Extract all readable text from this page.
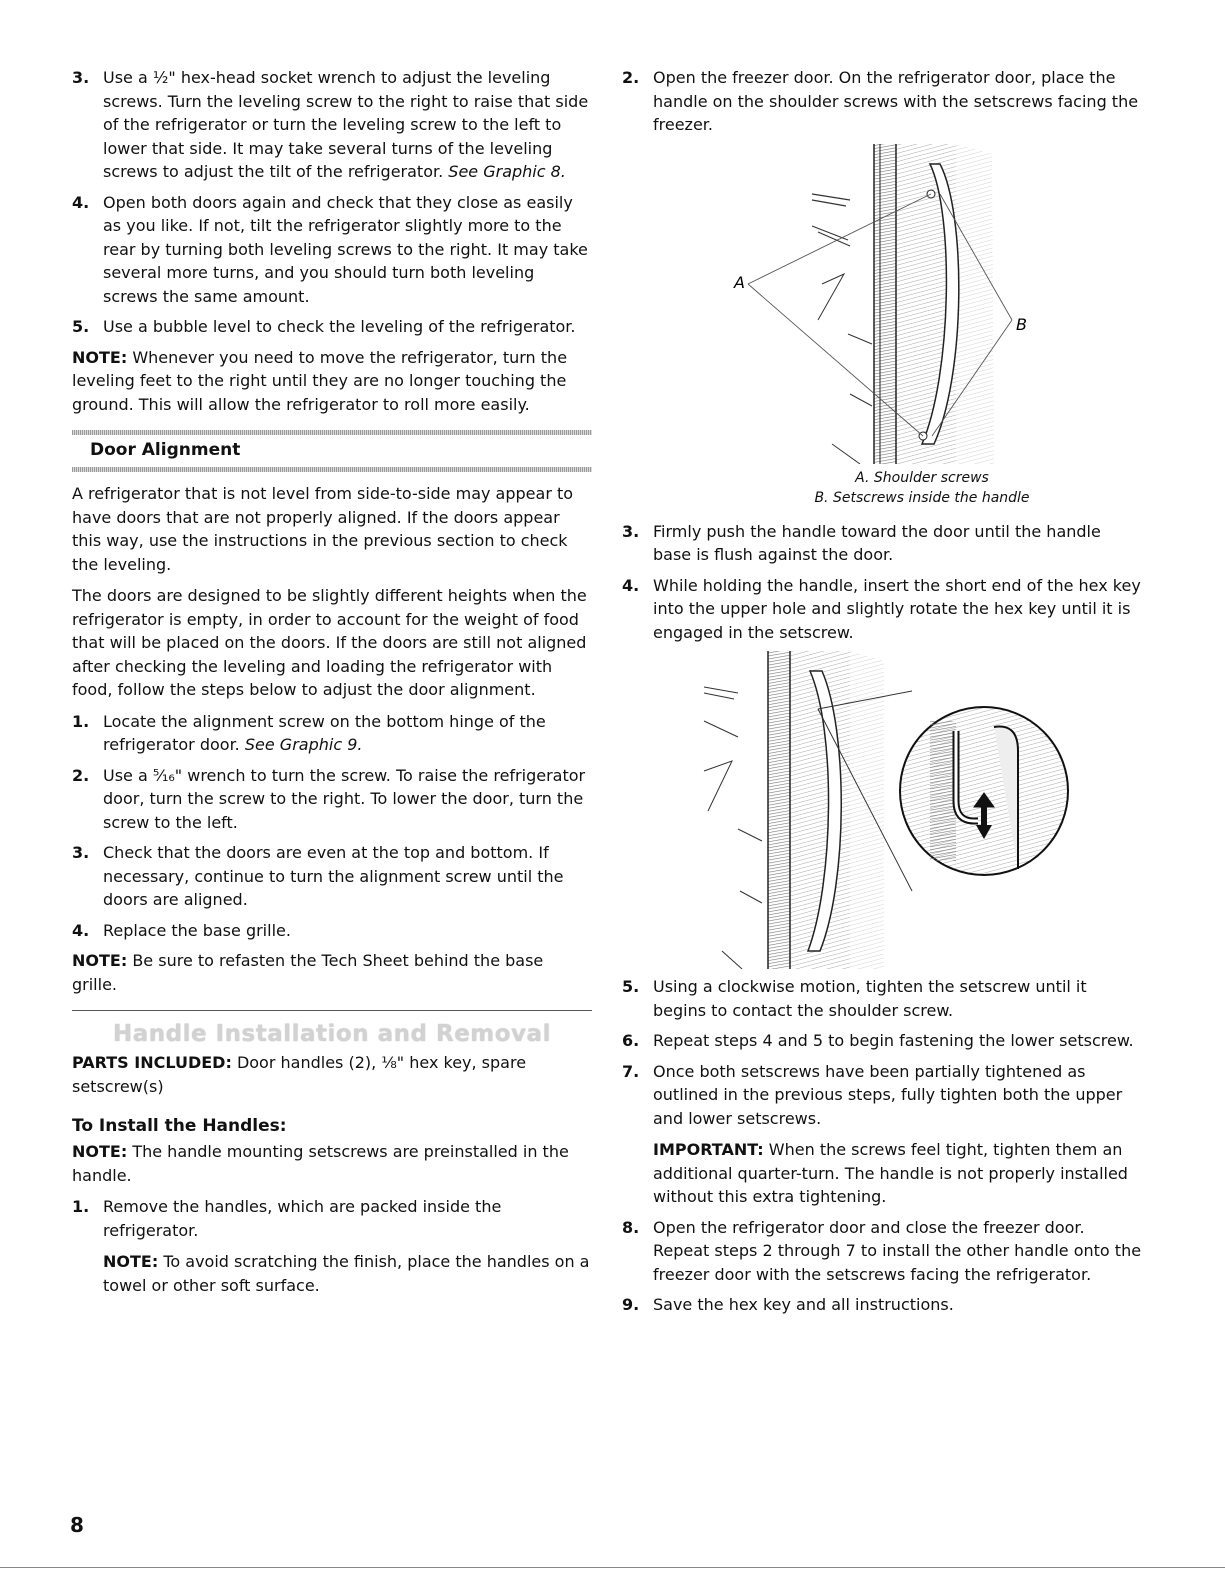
3. Use a ½" hex-head socket wrench to adjust the leveling screws. Turn the leveling screw to the right to raise that side of the refrigerator or turn the leveling screw to the left to lower that side. It may take several turns of the leveling screws to adjust the tilt of the refrigerator. See Graphic 8.
4. Open both doors again and check that they close as easily as you like. If not, tilt the refrigerator slightly more to the rear by turning both leveling screws to the right. It may take several more turns, and you should turn both leveling screws the same amount.
5. Use a bubble level to check the leveling of the refrigerator.

NOTE: Whenever you need to move the refrigerator, turn the leveling feet to the right until they are no longer touching the ground. This will allow the refrigerator to roll more easily.

Door Alignment

A refrigerator that is not level from side-to-side may appear to have doors that are not properly aligned. If the doors appear this way, use the instructions in the previous section to check the leveling.

The doors are designed to be slightly different heights when the refrigerator is empty, in order to account for the weight of food that will be placed on the doors. If the doors are still not aligned after checking the leveling and loading the refrigerator with food, follow the steps below to adjust the door alignment.

1. Locate the alignment screw on the bottom hinge of the refrigerator door. See Graphic 9.
2. Use a ⁵⁄₁₆" wrench to turn the screw. To raise the refrigerator door, turn the screw to the right. To lower the door, turn the screw to the left.
3. Check that the doors are even at the top and bottom. If necessary, continue to turn the alignment screw until the doors are aligned.
4. Replace the base grille.

NOTE: Be sure to refasten the Tech Sheet behind the base grille.

Handle Installation and Removal

PARTS INCLUDED: Door handles (2), ⅛" hex key, spare setscrew(s)

To Install the Handles:

NOTE: The handle mounting setscrews are preinstalled in the handle.

1. Remove the handles, which are packed inside the refrigerator.
NOTE: To avoid scratching the finish, place the handles on a towel or other soft surface.
2. Open the freezer door. On the refrigerator door, place the handle on the shoulder screws with the setscrews facing the freezer.
A
B
A. Shoulder screws
B. Setscrews inside the handle
3. Firmly push the handle toward the door until the handle base is flush against the door.
4. While holding the handle, insert the short end of the hex key into the upper hole and slightly rotate the hex key until it is engaged in the setscrew.
5. Using a clockwise motion, tighten the setscrew until it begins to contact the shoulder screw.
6. Repeat steps 4 and 5 to begin fastening the lower setscrew.
7. Once both setscrews have been partially tightened as outlined in the previous steps, fully tighten both the upper and lower setscrews.
IMPORTANT: When the screws feel tight, tighten them an additional quarter-turn. The handle is not properly installed without this extra tightening.
8. Open the refrigerator door and close the freezer door. Repeat steps 2 through 7 to install the other handle onto the freezer door with the setscrews facing the refrigerator.
9. Save the hex key and all instructions.
8
